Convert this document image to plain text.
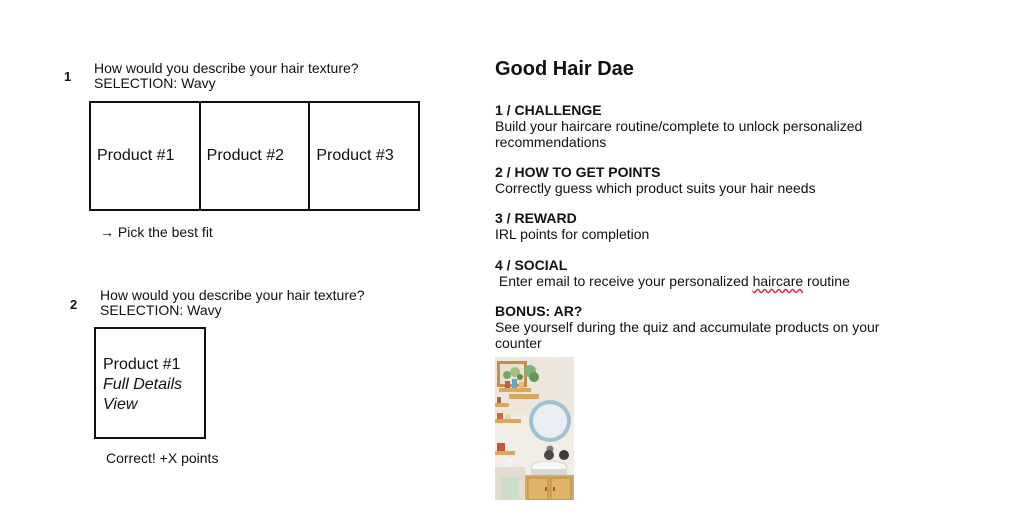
1
How would you describe your hair texture?
SELECTION: Wavy
Product #1	Product #2	Product #3
→ Pick the best fit
2
How would you describe your hair texture?
SELECTION: Wavy
Product #1
Full Details
View
Correct! +X points
Good Hair Dae
1 / CHALLENGE
Build your haircare routine/complete to unlock personalized recommendations
2 / HOW TO GET POINTS
Correctly guess which product suits your hair needs
3 / REWARD
IRL points for completion
4 / SOCIAL
Enter email to receive your personalized haircare routine
BONUS: AR?
See yourself during the quiz and accumulate products on your counter
